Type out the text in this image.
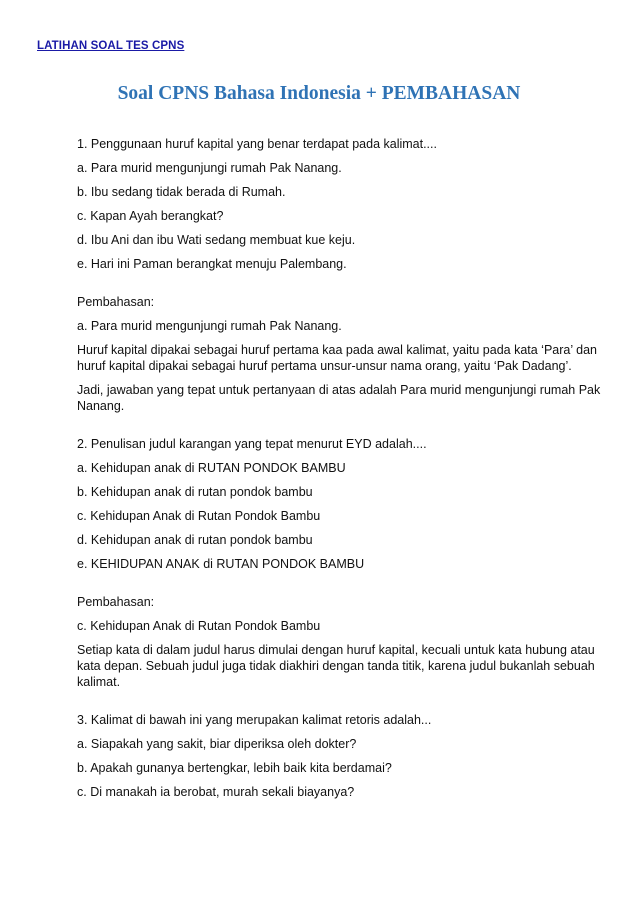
LATIHAN SOAL TES CPNS
Soal CPNS Bahasa Indonesia + PEMBAHASAN

1. Penggunaan huruf kapital yang benar terdapat pada kalimat....

a. Para murid mengunjungi rumah Pak Nanang.

b. Ibu sedang tidak berada di Rumah.

c. Kapan Ayah berangkat?

d. Ibu Ani dan ibu Wati sedang membuat kue keju.

e. Hari ini Paman berangkat menuju Palembang.

Pembahasan:

a. Para murid mengunjungi rumah Pak Nanang.

Huruf kapital dipakai sebagai huruf pertama kaa pada awal kalimat, yaitu pada kata ‘Para’ dan huruf kapital dipakai sebagai huruf pertama unsur-unsur nama orang, yaitu ‘Pak Dadang’.

Jadi, jawaban yang tepat untuk pertanyaan di atas adalah Para murid mengunjungi rumah Pak Nanang.

2. Penulisan judul karangan yang tepat menurut EYD adalah....

a. Kehidupan anak di RUTAN PONDOK BAMBU

b. Kehidupan anak di rutan pondok bambu

c. Kehidupan Anak di Rutan Pondok Bambu

d. Kehidupan anak di rutan pondok bambu

e. KEHIDUPAN ANAK di RUTAN PONDOK BAMBU

Pembahasan:

c. Kehidupan Anak di Rutan Pondok Bambu

Setiap kata di dalam judul harus dimulai dengan huruf kapital, kecuali untuk kata hubung atau kata depan. Sebuah judul juga tidak diakhiri dengan tanda titik, karena judul bukanlah sebuah kalimat.

3. Kalimat di bawah ini yang merupakan kalimat retoris adalah...

a. Siapakah yang sakit, biar diperiksa oleh dokter?

b. Apakah gunanya bertengkar, lebih baik kita berdamai?

c. Di manakah ia berobat, murah sekali biayanya?
